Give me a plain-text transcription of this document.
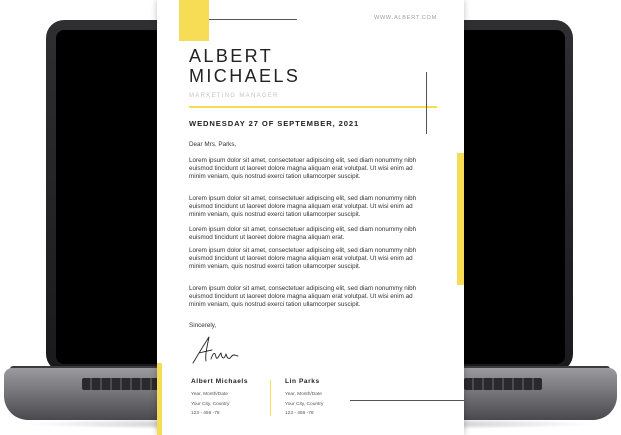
WWW.ALBERT.COM
ALBERT
MICHAELS
MARKETING MANAGER
WEDNESDAY 27 OF SEPTEMBER, 2021
Dear Mrs. Parks,
Lorem ipsum dolor sit amet, consectetuer adipiscing elit, sed diam nonummy nibh euismod tincidunt ut laoreet dolore magna aliquam erat volutpat. Ut wisi enim ad minim veniam, quis nostrud exerci tation ullamcorper suscipit.
Lorem ipsum dolor sit amet, consectetuer adipiscing elit, sed diam nonummy nibh euismod tincidunt ut laoreet dolore magna aliquam erat volutpat. Ut wisi enim ad minim veniam, quis nostrud exerci tation ullamcorper suscipit.
Lorem ipsum dolor sit amet, consectetuer adipiscing elit, sed diam nonummy nibh euismod tincidunt ut laoreet dolore magna aliquam erat.
Lorem ipsum dolor sit amet, consectetuer adipiscing elit, sed diam nonummy nibh euismod tincidunt ut laoreet dolore magna aliquam erat volutpat. Ut wisi enim ad minim veniam, quis nostrud exerci tation ullamcorper suscipit.
Lorem ipsum dolor sit amet, consectetuer adipiscing elit, sed diam nonummy nibh euismod tincidunt ut laoreet dolore magna aliquam erat volutpat. Ut wisi enim ad minim veniam, quis nostrud exerci tation ullamcorper suscipit.
Sincerely,
Albert Michaels
Year, Month/Date
Your City, Country
123 - 456 -78
Lin Parks
Year, Month/Date
Your City, Country
123 - 456 -78
